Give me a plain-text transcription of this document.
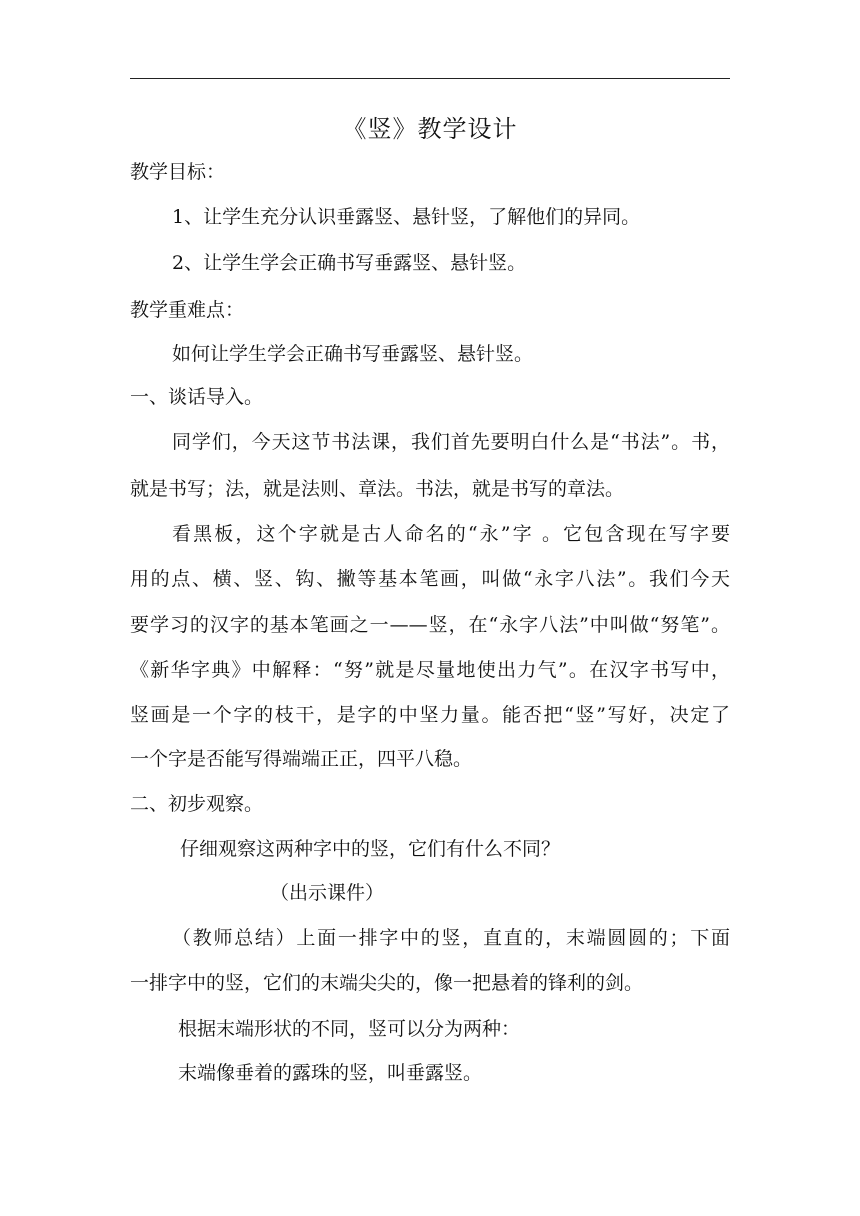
《竖》教学设计
教学目标：
1、让学生充分认识垂露竖、悬针竖，了解他们的异同。
2、让学生学会正确书写垂露竖、悬针竖。
教学重难点：
如何让学生学会正确书写垂露竖、悬针竖。
一、谈话导入。
同学们，今天这节书法课，我们首先要明白什么是“书法”。书，
就是书写；法，就是法则、章法。书法，就是书写的章法。
看黑板，这个字就是古人命名的“永”字 。它包含现在写字要
用的点、横、竖、钩、撇等基本笔画，叫做“永字八法”。我们今天
要学习的汉字的基本笔画之一——竖，在“永字八法”中叫做“努笔”。
《新华字典》中解释：“努”就是尽量地使出力气”。在汉字书写中，
竖画是一个字的枝干，是字的中坚力量。能否把“竖”写好，决定了
一个字是否能写得端端正正，四平八稳。
二、初步观察。
仔细观察这两种字中的竖，它们有什么不同？
（出示课件）
（教师总结）上面一排字中的竖，直直的，末端圆圆的；下面
一排字中的竖，它们的末端尖尖的，像一把悬着的锋利的剑。
根据末端形状的不同，竖可以分为两种：
末端像垂着的露珠的竖，叫垂露竖。
